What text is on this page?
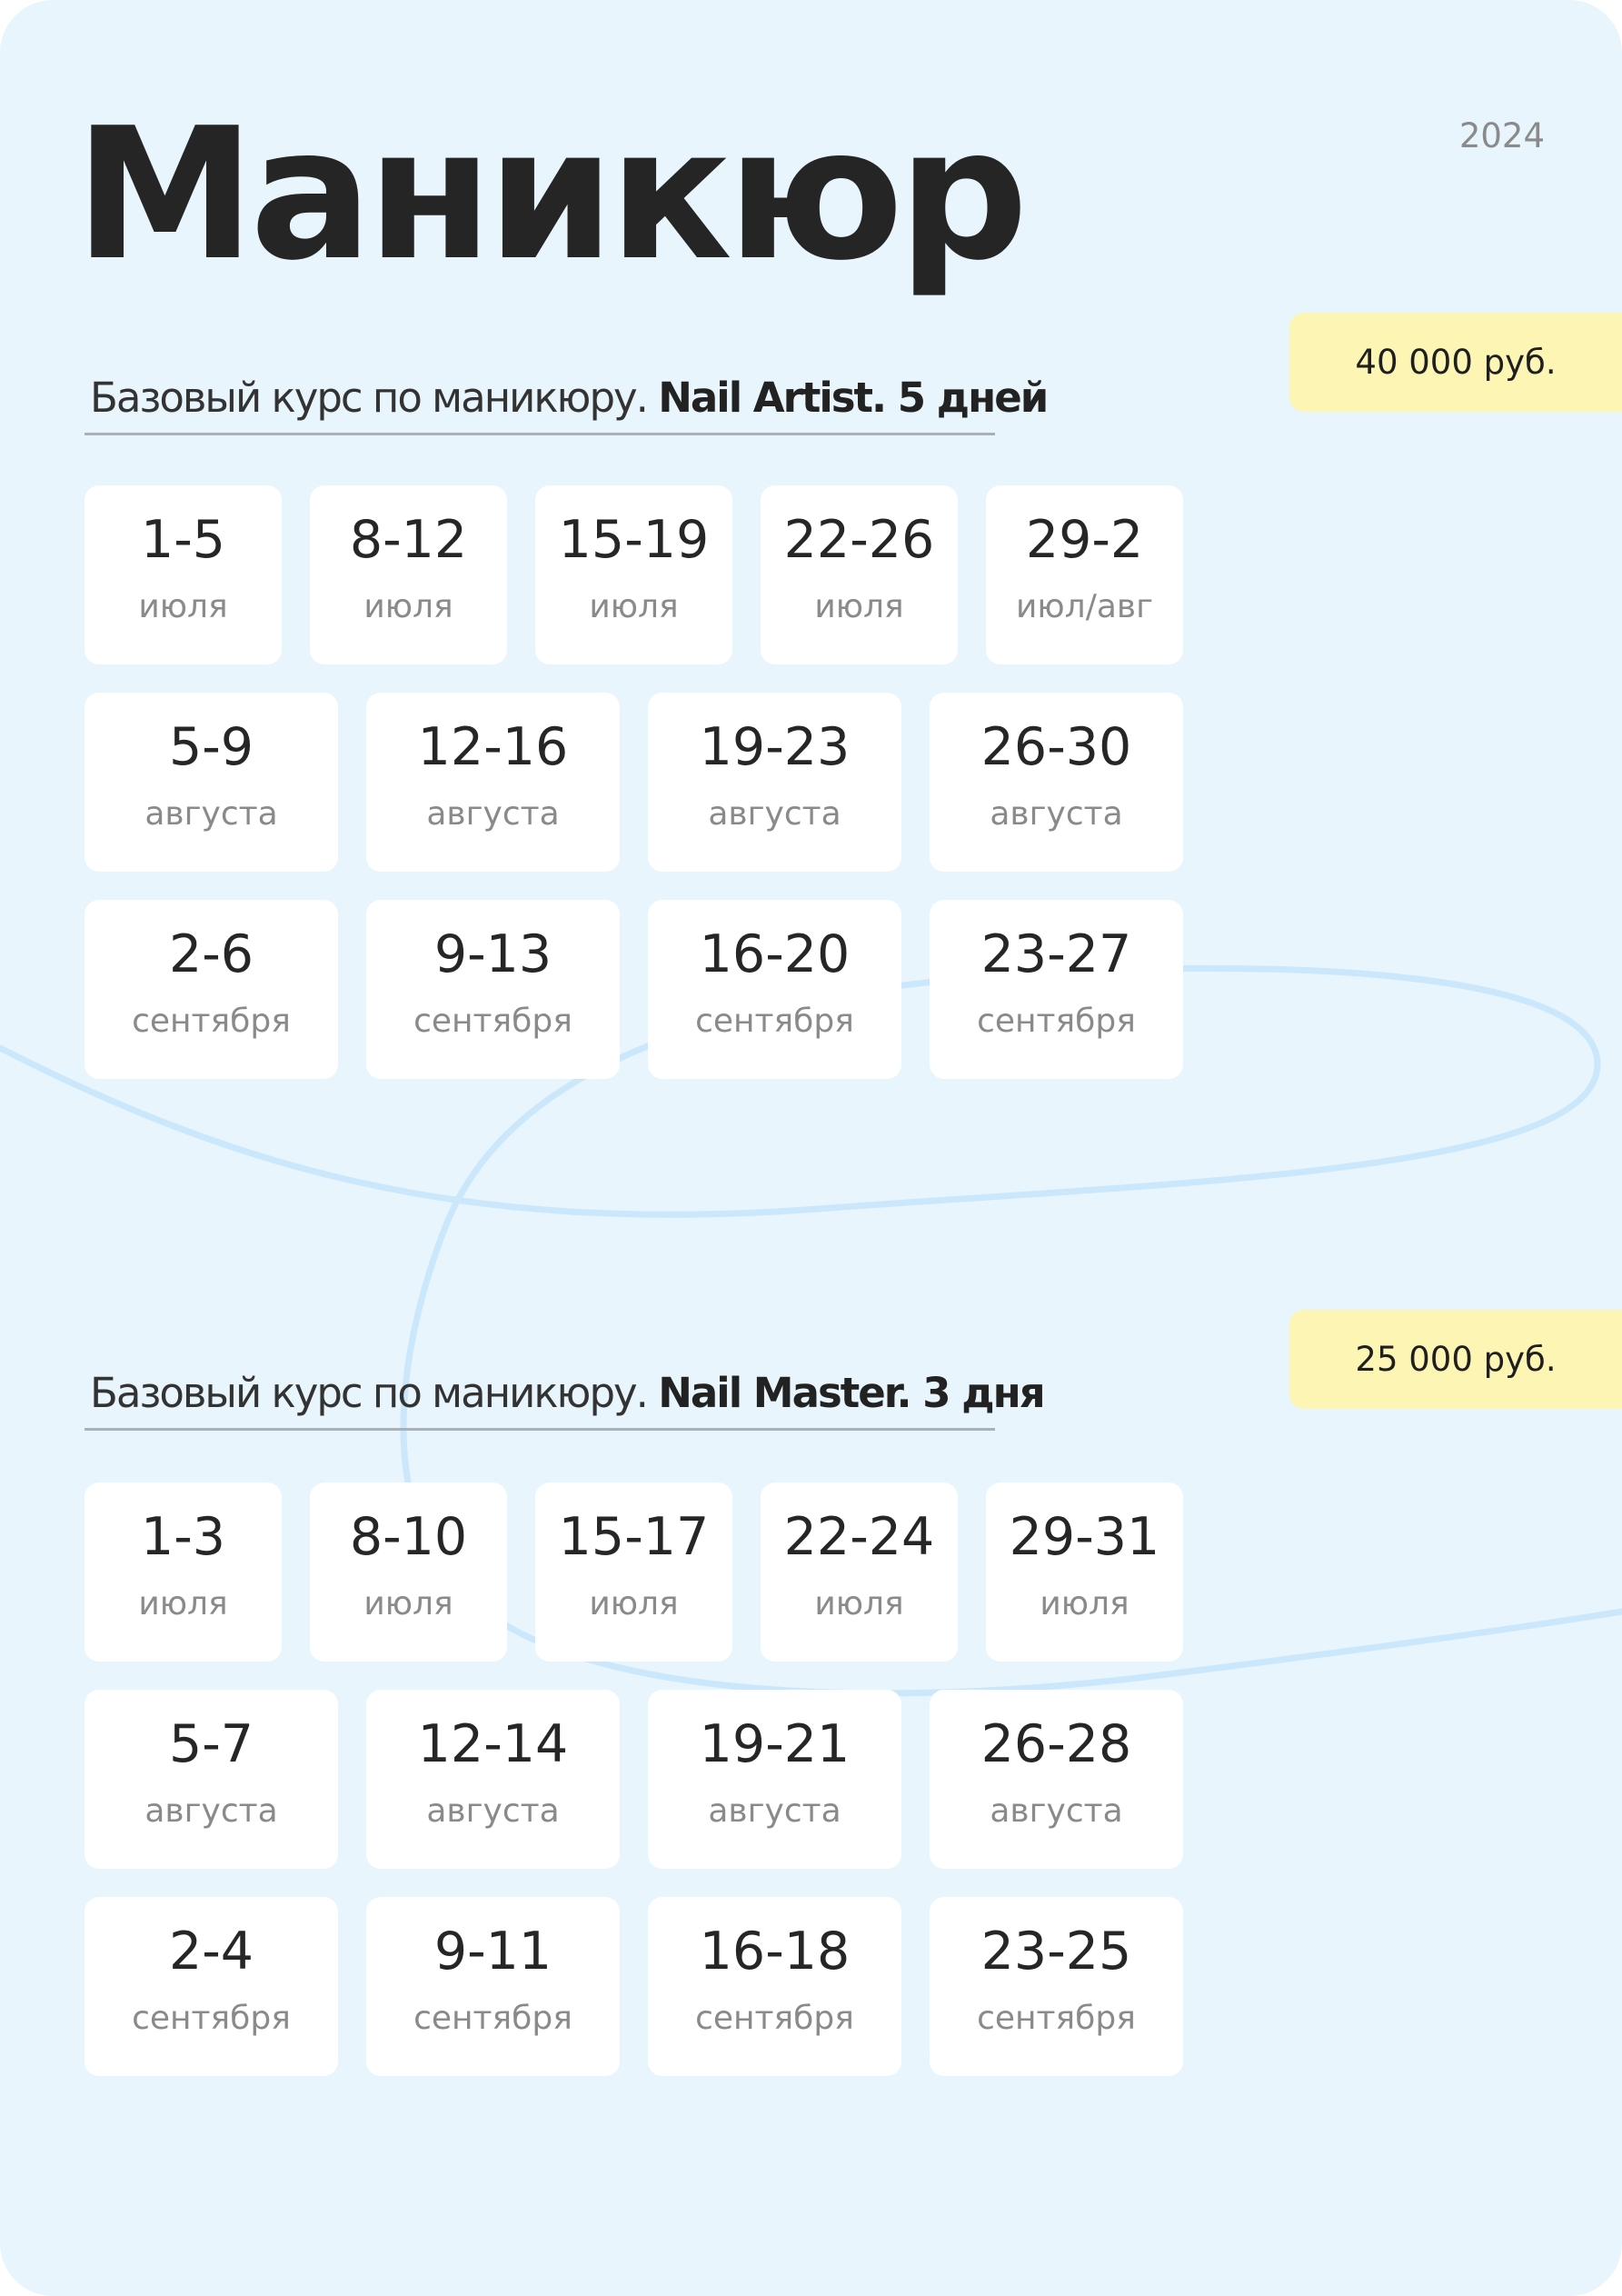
Маникюр	2024
40 000 руб.
Базовый курс по маникюру. Nail Artist. 5 дней
1-5
июля
8-12
июля
15-19
июля
22-26
июля
29-2
июл/авг
5-9
августа
12-16
августа
19-23
августа
26-30
августа
2-6
сентября
9-13
сентября
16-20
сентября
23-27
сентября
25 000 руб.
Базовый курс по маникюру. Nail Master. 3 дня
1-3
июля
8-10
июля
15-17
июля
22-24
июля
29-31
июля
5-7
августа
12-14
августа
19-21
августа
26-28
августа
2-4
сентября
9-11
сентября
16-18
сентября
23-25
сентября
